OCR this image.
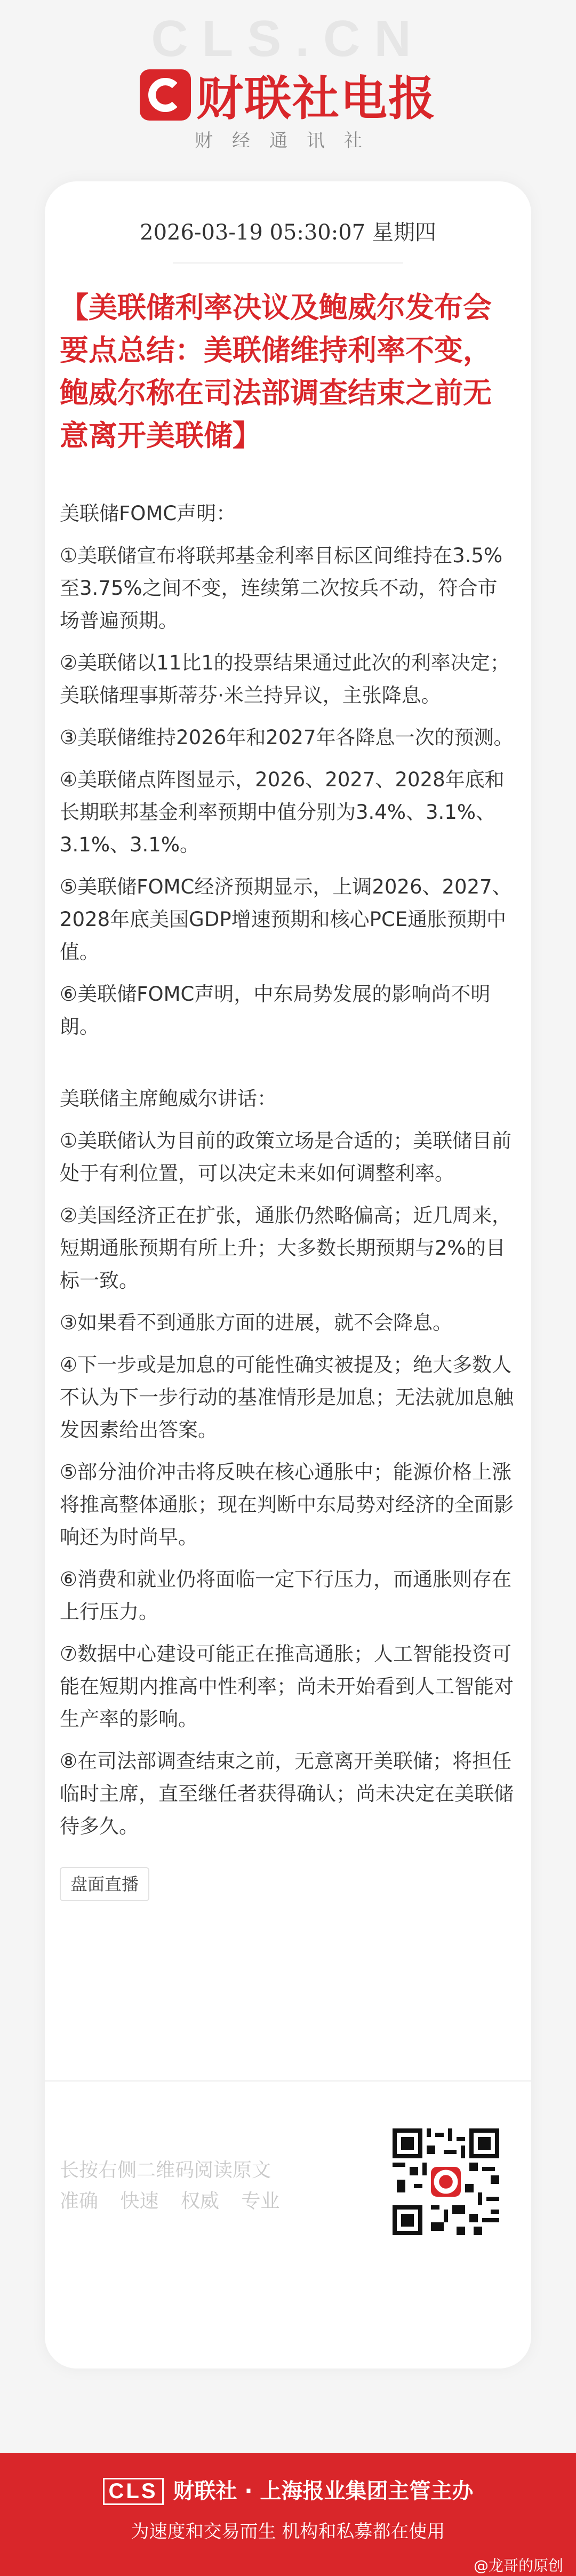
CLS.CN
财联社电报
财经通讯社
2026-03-19 05:30:07 星期四
【美联储利率决议及鲍威尔发布会要点总结：美联储维持利率不变，鲍威尔称在司法部调查结束之前无意离开美联储】
美联储FOMC声明：
①美联储宣布将联邦基金利率目标区间维持在3.5%至3.75%之间不变，连续第二次按兵不动，符合市场普遍预期。
②美联储以11比1的投票结果通过此次的利率决定；美联储理事斯蒂芬·米兰持异议，主张降息。
③美联储维持2026年和2027年各降息一次的预测。
④美联储点阵图显示，2026、2027、2028年底和长期联邦基金利率预期中值分别为3.4%、3.1%、3.1%、3.1%。
⑤美联储FOMC经济预期显示，上调2026、2027、2028年底美国GDP增速预期和核心PCE通胀预期中值。
⑥美联储FOMC声明，中东局势发展的影响尚不明朗。
美联储主席鲍威尔讲话：
①美联储认为目前的政策立场是合适的；美联储目前处于有利位置，可以决定未来如何调整利率。
②美国经济正在扩张，通胀仍然略偏高；近几周来，短期通胀预期有所上升；大多数长期预期与2%的目标一致。
③如果看不到通胀方面的进展，就不会降息。
④下一步或是加息的可能性确实被提及；绝大多数人不认为下一步行动的基准情形是加息；无法就加息触发因素给出答案。
⑤部分油价冲击将反映在核心通胀中；能源价格上涨将推高整体通胀；现在判断中东局势对经济的全面影响还为时尚早。
⑥消费和就业仍将面临一定下行压力，而通胀则存在上行压力。
⑦数据中心建设可能正在推高通胀；人工智能投资可能在短期内推高中性利率；尚未开始看到人工智能对生产率的影响。
⑧在司法部调查结束之前，无意离开美联储；将担任临时主席，直至继任者获得确认；尚未决定在美联储待多久。
盘面直播
长按右侧二维码阅读原文
准确 快速 权威 专业
CLS 财联社 · 上海报业集团主管主办
为速度和交易而生 机构和私募都在使用
@龙哥的原创
